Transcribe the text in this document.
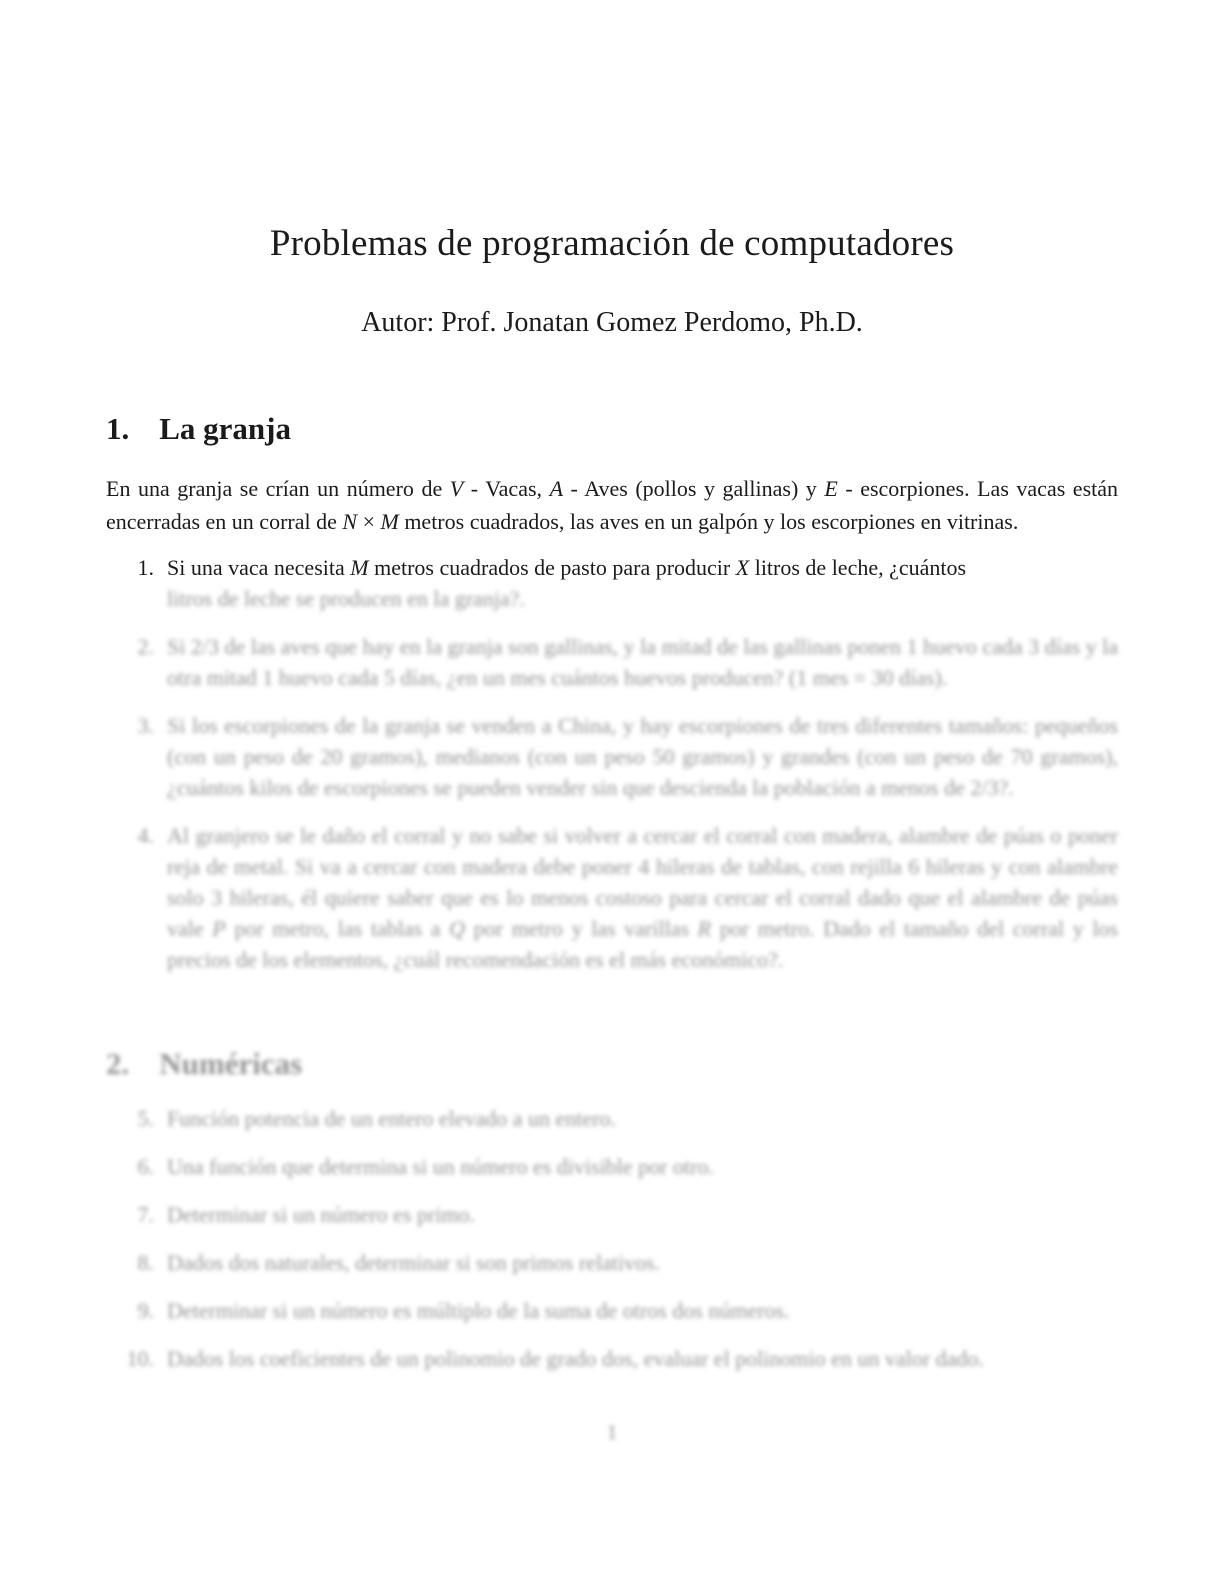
Problemas de programación de computadores

Autor: Prof. Jonatan Gomez Perdomo, Ph.D.

1. La granja

En una granja se crían un número de V - Vacas, A - Aves (pollos y gallinas) y E - escorpiones. Las vacas están encerradas en un corral de N × M metros cuadrados, las aves en un galpón y los escorpiones en vitrinas.

1. Si una vaca necesita M metros cuadrados de pasto para producir X litros de leche, ¿cuántos
litros de leche se producen en la granja?.
2. Si 2/3 de las aves que hay en la granja son gallinas, y la mitad de las gallinas ponen 1 huevo cada 3 días y la otra mitad 1 huevo cada 5 días, ¿en un mes cuántos huevos producen? (1 mes = 30 días).
3. Si los escorpiones de la granja se venden a China, y hay escorpiones de tres diferentes tamaños: pequeños (con un peso de 20 gramos), medianos (con un peso 50 gramos) y grandes (con un peso de 70 gramos), ¿cuántos kilos de escorpiones se pueden vender sin que descienda la población a menos de 2/3?.
4. Al granjero se le daño el corral y no sabe si volver a cercar el corral con madera, alambre de púas o poner reja de metal. Si va a cercar con madera debe poner 4 hileras de tablas, con rejilla 6 hileras y con alambre solo 3 hileras, él quiere saber que es lo menos costoso para cercar el corral dado que el alambre de púas vale P por metro, las tablas a Q por metro y las varillas R por metro. Dado el tamaño del corral y los precios de los elementos, ¿cuál recomendación es el más económico?.
2. Numéricas
5. Función potencia de un entero elevado a un entero.
6. Una función que determina si un número es divisible por otro.
7. Determinar si un número es primo.
8. Dados dos naturales, determinar si son primos relativos.
9. Determinar si un número es múltiplo de la suma de otros dos números.
10. Dados los coeficientes de un polinomio de grado dos, evaluar el polinomio en un valor dado.
1
